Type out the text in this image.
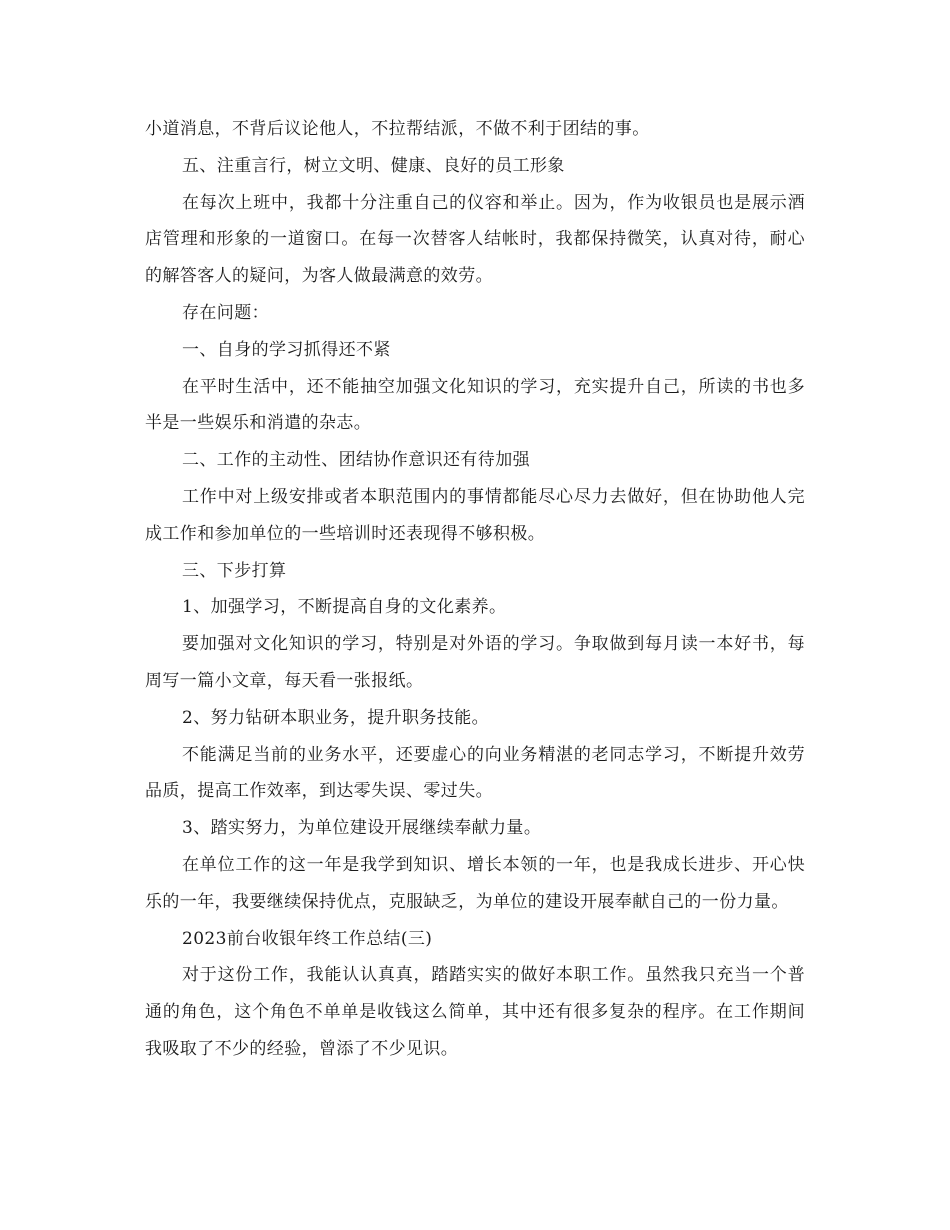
小道消息，不背后议论他人，不拉帮结派，不做不利于团结的事。

五、注重言行，树立文明、健康、良好的员工形象

在每次上班中，我都十分注重自己的仪容和举止。因为，作为收银员也是展示酒店管理和形象的一道窗口。在每一次替客人结帐时，我都保持微笑，认真对待，耐心的解答客人的疑问，为客人做最满意的效劳。

存在问题：

一、自身的学习抓得还不紧

在平时生活中，还不能抽空加强文化知识的学习，充实提升自己，所读的书也多半是一些娱乐和消遣的杂志。

二、工作的主动性、团结协作意识还有待加强

工作中对上级安排或者本职范围内的事情都能尽心尽力去做好，但在协助他人完成工作和参加单位的一些培训时还表现得不够积极。

三、下步打算

1、加强学习，不断提高自身的文化素养。

要加强对文化知识的学习，特别是对外语的学习。争取做到每月读一本好书，每周写一篇小文章，每天看一张报纸。

2、努力钻研本职业务，提升职务技能。

不能满足当前的业务水平，还要虚心的向业务精湛的老同志学习，不断提升效劳品质，提高工作效率，到达零失误、零过失。

3、踏实努力，为单位建设开展继续奉献力量。

在单位工作的这一年是我学到知识、增长本领的一年，也是我成长进步、开心快乐的一年，我要继续保持优点，克服缺乏，为单位的建设开展奉献自己的一份力量。

2023前台收银年终工作总结(三)

对于这份工作，我能认认真真，踏踏实实的做好本职工作。虽然我只充当一个普通的角色，这个角色不单单是收钱这么简单，其中还有很多复杂的程序。在工作期间我吸取了不少的经验，曾添了不少见识。
